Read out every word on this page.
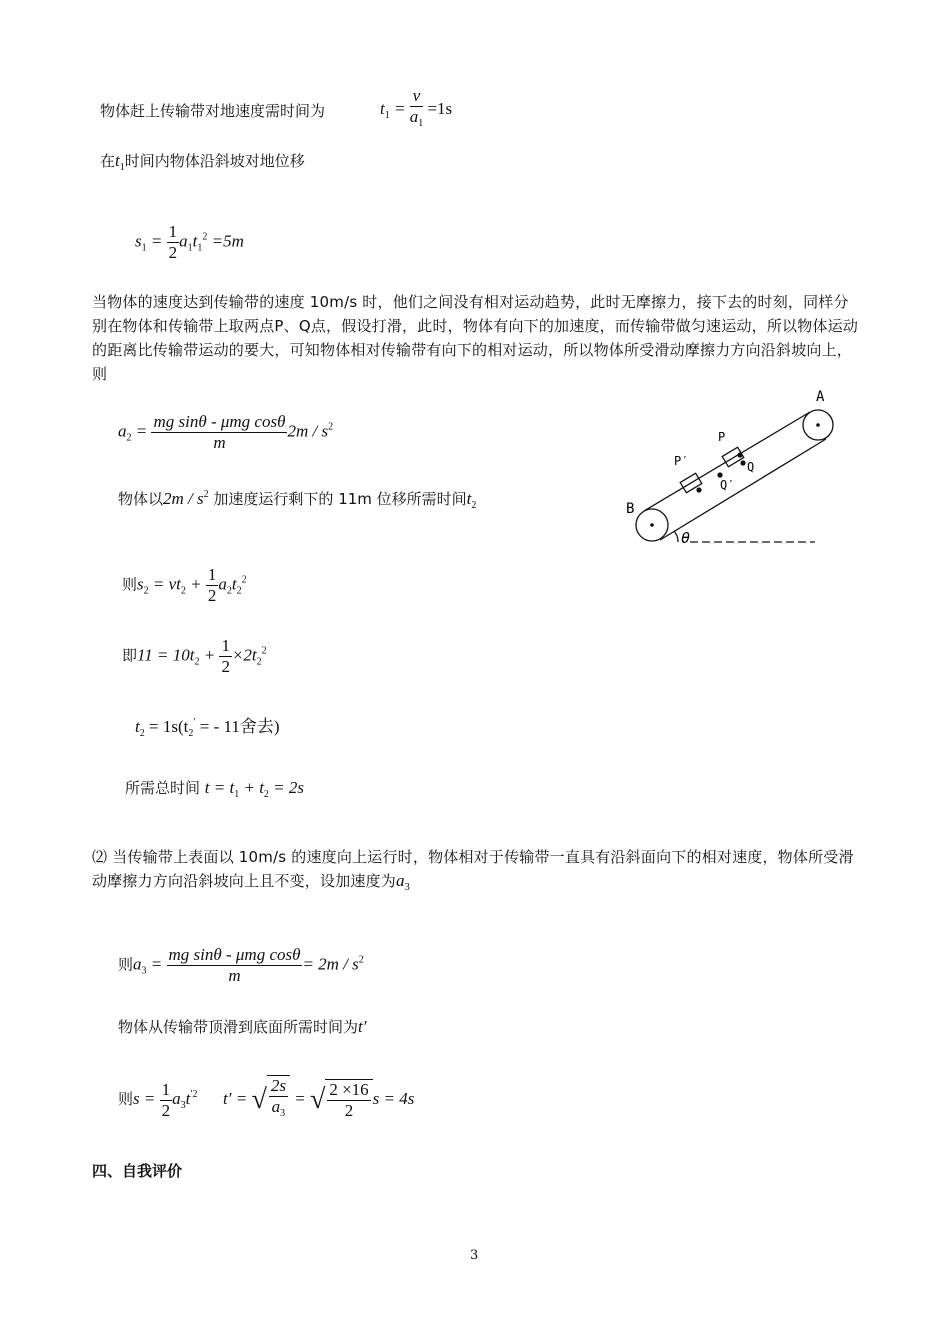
物体赶上传输带对地速度需时间为	$t_1 = \frac{v}{a_1} =1s$
在$t_1$时间内物体沿斜坡对地位移
$s_1 = \frac{1}{2} a_1t_1^2 =5m$
当物体的速度达到传输带的速度 10m/s 时，他们之间没有相对运动趋势，此时无摩擦力，接下去的时刻，同样分别在物体和传输带上取两点P、Q点，假设打滑，此时，物体有向下的加速度，而传输带做匀速运动，所以物体运动的距离比传输带运动的要大，可知物体相对传输带有向下的相对运动，所以物体所受滑动摩擦力方向沿斜坡向上，则
$a_2 = \frac{\text{mg sinθ - μmg cosθ}}{m} 2m / s^2$
物体以$2m / s^2$ 加速度运行剩下的 11m 位移所需时间$t_2$
则$s_2 = vt_2 + \frac{1}{2} a_2t_2^2$
即$11 = 10t_2 + \frac{1}{2} \times 2t_2^2$
$t_2 = 1s(t_2'$ = - 11舍去)
所需总时间 $t = t_1 + t_2 = 2s$
⑵ 当传输带上表面以 10m/s 的速度向上运行时，物体相对于传输带一直具有沿斜面向下的相对速度，物体所受滑动摩擦力方向沿斜坡向上且不变，设加速度为$a_3$
则$a_3 = \frac{\text{mg sinθ - μmg cosθ}}{m} = 2m / s^2$
物体从传输带顶滑到底面所需时间为t′
则$s = \frac{1}{2} a_3t^{'2}$ t′ = √ $\frac{2s}{a_3}$ = √ $\frac{2 \times 16}{2}$ s = 4s
四、自我评价
3
A
B
P
P′	Q
Q′
θ
